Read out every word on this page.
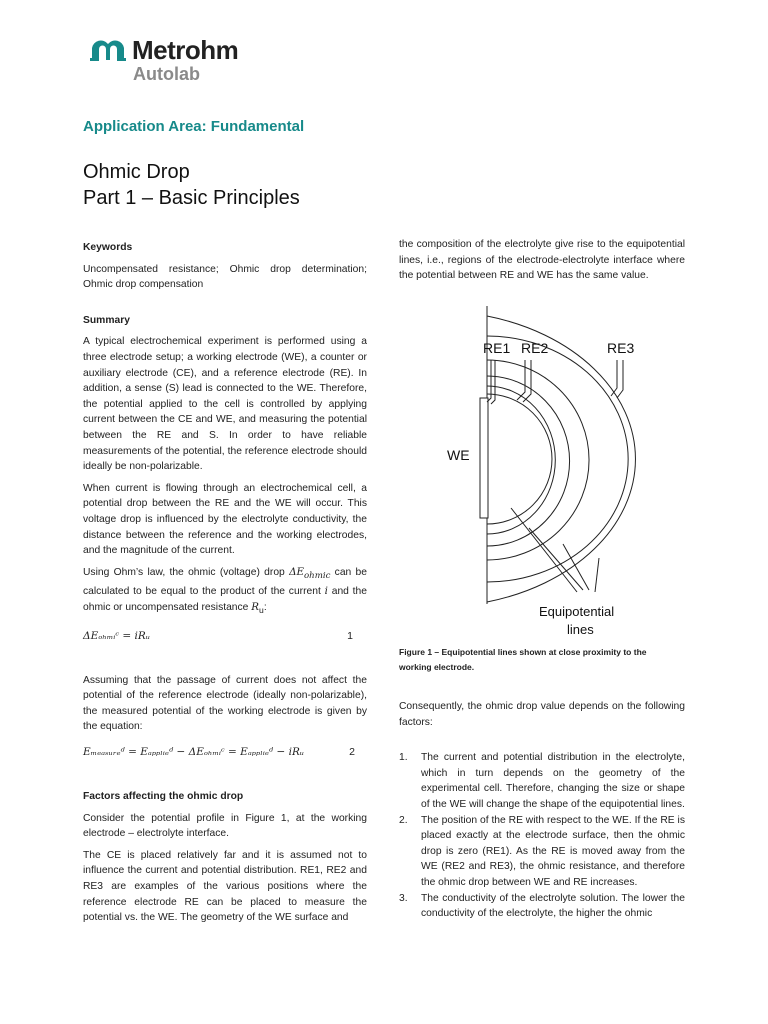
Metrohm
Autolab
Application Area: Fundamental
Ohmic Drop
Part 1 – Basic Principles
Keywords

Uncompensated resistance; Ohmic drop determination; Ohmic drop compensation

Summary

A typical electrochemical experiment is performed using a three electrode setup; a working electrode (WE), a counter or auxiliary electrode (CE), and a reference electrode (RE). In addition, a sense (S) lead is connected to the WE. Therefore, the potential applied to the cell is controlled by applying current between the CE and WE, and measuring the potential between the RE and S. In order to have reliable measurements of the potential, the reference electrode should ideally be non-polarizable.

When current is flowing through an electrochemical cell, a potential drop between the RE and the WE will occur. This voltage drop is influenced by the electrolyte conductivity, the distance between the reference and the working electrodes, and the magnitude of the current.

Using Ohm’s law, the ohmic (voltage) drop $\Delta E_{ohmic}$ can be calculated to be equal to the product of the current i and the ohmic or uncompensated resistance $R_u$:

ΔEₒₕₘᵢᶜ = iRᵤ	1

Assuming that the passage of current does not affect the potential of the reference electrode (ideally non-polarizable), the measured potential of the working electrode is given by the equation:

Eₘₑₐₛᵤᵣₑᵈ = Eₐₚₚₗᵢₑᵈ − ΔEₒₕₘᵢᶜ = Eₐₚₚₗᵢₑᵈ − iRᵤ	2
Factors affecting the ohmic drop

Consider the potential profile in Figure 1, at the working electrode – electrolyte interface.

The CE is placed relatively far and it is assumed not to influence the current and potential distribution. RE1, RE2 and RE3 are examples of the various positions where the reference electrode RE can be placed to measure the potential vs. the WE. The geometry of the WE surface and

the composition of the electrolyte give rise to the equipotential lines, i.e., regions of the electrode-electrolyte interface where the potential between RE and WE has the same value.

RE1 RE2	RE3
WE
Equipotential
lines
Figure 1 – Equipotential lines shown at close proximity to the working electrode.

Consequently, the ohmic drop value depends on the following factors:

1. The current and potential distribution in the electrolyte, which in turn depends on the geometry of the experimental cell. Therefore, changing the size or shape of the WE will change the shape of the equipotential lines.
2. The position of the RE with respect to the WE. If the RE is placed exactly at the electrode surface, then the ohmic drop is zero (RE1). As the RE is moved away from the WE (RE2 and RE3), the ohmic resistance, and therefore the ohmic drop between WE and RE increases.
3. The conductivity of the electrolyte solution. The lower the conductivity of the electrolyte, the higher the ohmic
